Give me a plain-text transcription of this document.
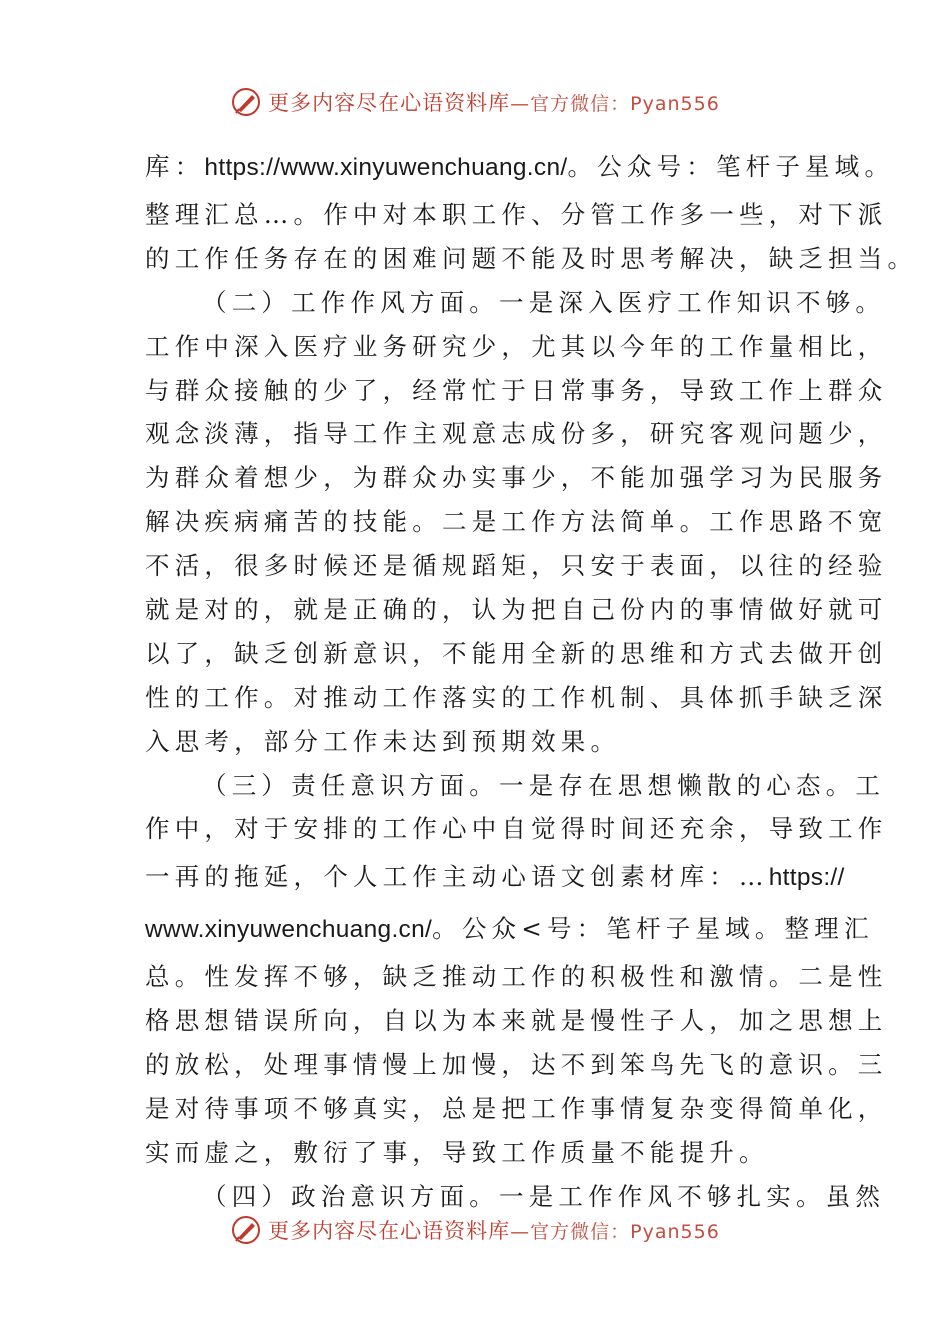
更多内容尽在心语资料库 —官方微信：Pyan556
库：https://www.xinyuwenchuang.cn/。公众号：笔杆子星域。
整理汇总…。作中对本职工作、分管工作多一些，对下派
的工作任务存在的困难问题不能及时思考解决，缺乏担当。
（二）工作作风方面。一是深入医疗工作知识不够。
工作中深入医疗业务研究少，尤其以今年的工作量相比，
与群众接触的少了，经常忙于日常事务，导致工作上群众
观念淡薄，指导工作主观意志成份多，研究客观问题少，
为群众着想少，为群众办实事少，不能加强学习为民服务
解决疾病痛苦的技能。二是工作方法简单。工作思路不宽
不活，很多时候还是循规蹈矩，只安于表面，以往的经验
就是对的，就是正确的，认为把自己份内的事情做好就可
以了，缺乏创新意识，不能用全新的思维和方式去做开创
性的工作。对推动工作落实的工作机制、具体抓手缺乏深
入思考，部分工作未达到预期效果。
（三）责任意识方面。一是存在思想懒散的心态。工
作中，对于安排的工作心中自觉得时间还充余，导致工作
一再的拖延，个人工作主动心语文创素材库：…https://
www.xinyuwenchuang.cn/。公众<号：笔杆子星域。整理汇
总。性发挥不够，缺乏推动工作的积极性和激情。二是性
格思想错误所向，自以为本来就是慢性子人，加之思想上
的放松，处理事情慢上加慢，达不到笨鸟先飞的意识。三
是对待事项不够真实，总是把工作事情复杂变得简单化，
实而虚之，敷衍了事，导致工作质量不能提升。
（四）政治意识方面。一是工作作风不够扎实。虽然
更多内容尽在心语资料库 —官方微信：Pyan556
